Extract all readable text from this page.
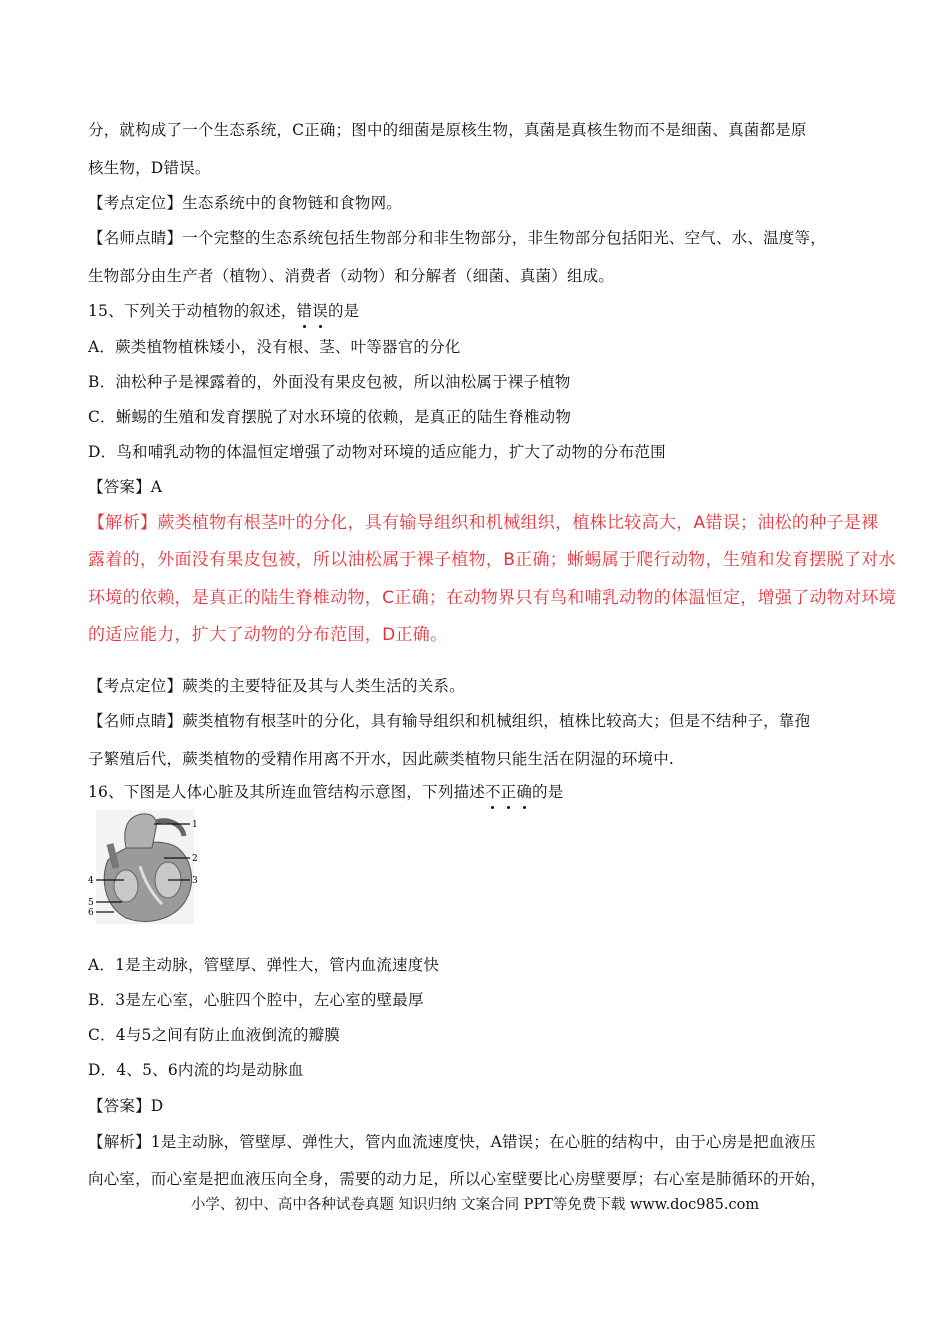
分，就构成了一个生态系统，C正确；图中的细菌是原核生物，真菌是真核生物而不是细菌、真菌都是原
核生物，D错误。
【考点定位】生态系统中的食物链和食物网。
【名师点睛】一个完整的生态系统包括生物部分和非生物部分，非生物部分包括阳光、空气、水、温度等，
生物部分由生产者（植物）、消费者（动物）和分解者（细菌、真菌）组成。
15、下列关于动植物的叙述，错误的是
A．蕨类植物植株矮小，没有根、茎、叶等器官的分化
B．油松种子是裸露着的，外面没有果皮包被，所以油松属于裸子植物
C．蜥蜴的生殖和发育摆脱了对水环境的依赖，是真正的陆生脊椎动物
D．鸟和哺乳动物的体温恒定增强了动物对环境的适应能力，扩大了动物的分布范围
【答案】A
【解析】蕨类植物有根茎叶的分化，具有输导组织和机械组织，植株比较高大，A错误；油松的种子是裸
露着的，外面没有果皮包被，所以油松属于裸子植物，B正确；蜥蜴属于爬行动物，生殖和发育摆脱了对水
环境的依赖，是真正的陆生脊椎动物，C正确；在动物界只有鸟和哺乳动物的体温恒定，增强了动物对环境
的适应能力，扩大了动物的分布范围，D正确。
【考点定位】蕨类的主要特征及其与人类生活的关系。
【名师点睛】蕨类植物有根茎叶的分化，具有输导组织和机械组织，植株比较高大；但是不结种子，靠孢
子繁殖后代，蕨类植物的受精作用离不开水，因此蕨类植物只能生活在阴湿的环境中.
16、下图是人体心脏及其所连血管结构示意图，下列描述不正确的是
1
2
3
4
5
6
A．1是主动脉，管壁厚、弹性大，管内血流速度快
B．3是左心室，心脏四个腔中，左心室的壁最厚
C．4与5之间有防止血液倒流的瓣膜
D．4、5、6内流的均是动脉血
【答案】D
【解析】1是主动脉，管壁厚、弹性大，管内血流速度快，A错误；在心脏的结构中，由于心房是把血液压
向心室，而心室是把血液压向全身，需要的动力足，所以心室壁要比心房壁要厚；右心室是肺循环的开始，
小学、初中、高中各种试卷真题 知识归纳 文案合同 PPT等免费下载 www.doc985.com
